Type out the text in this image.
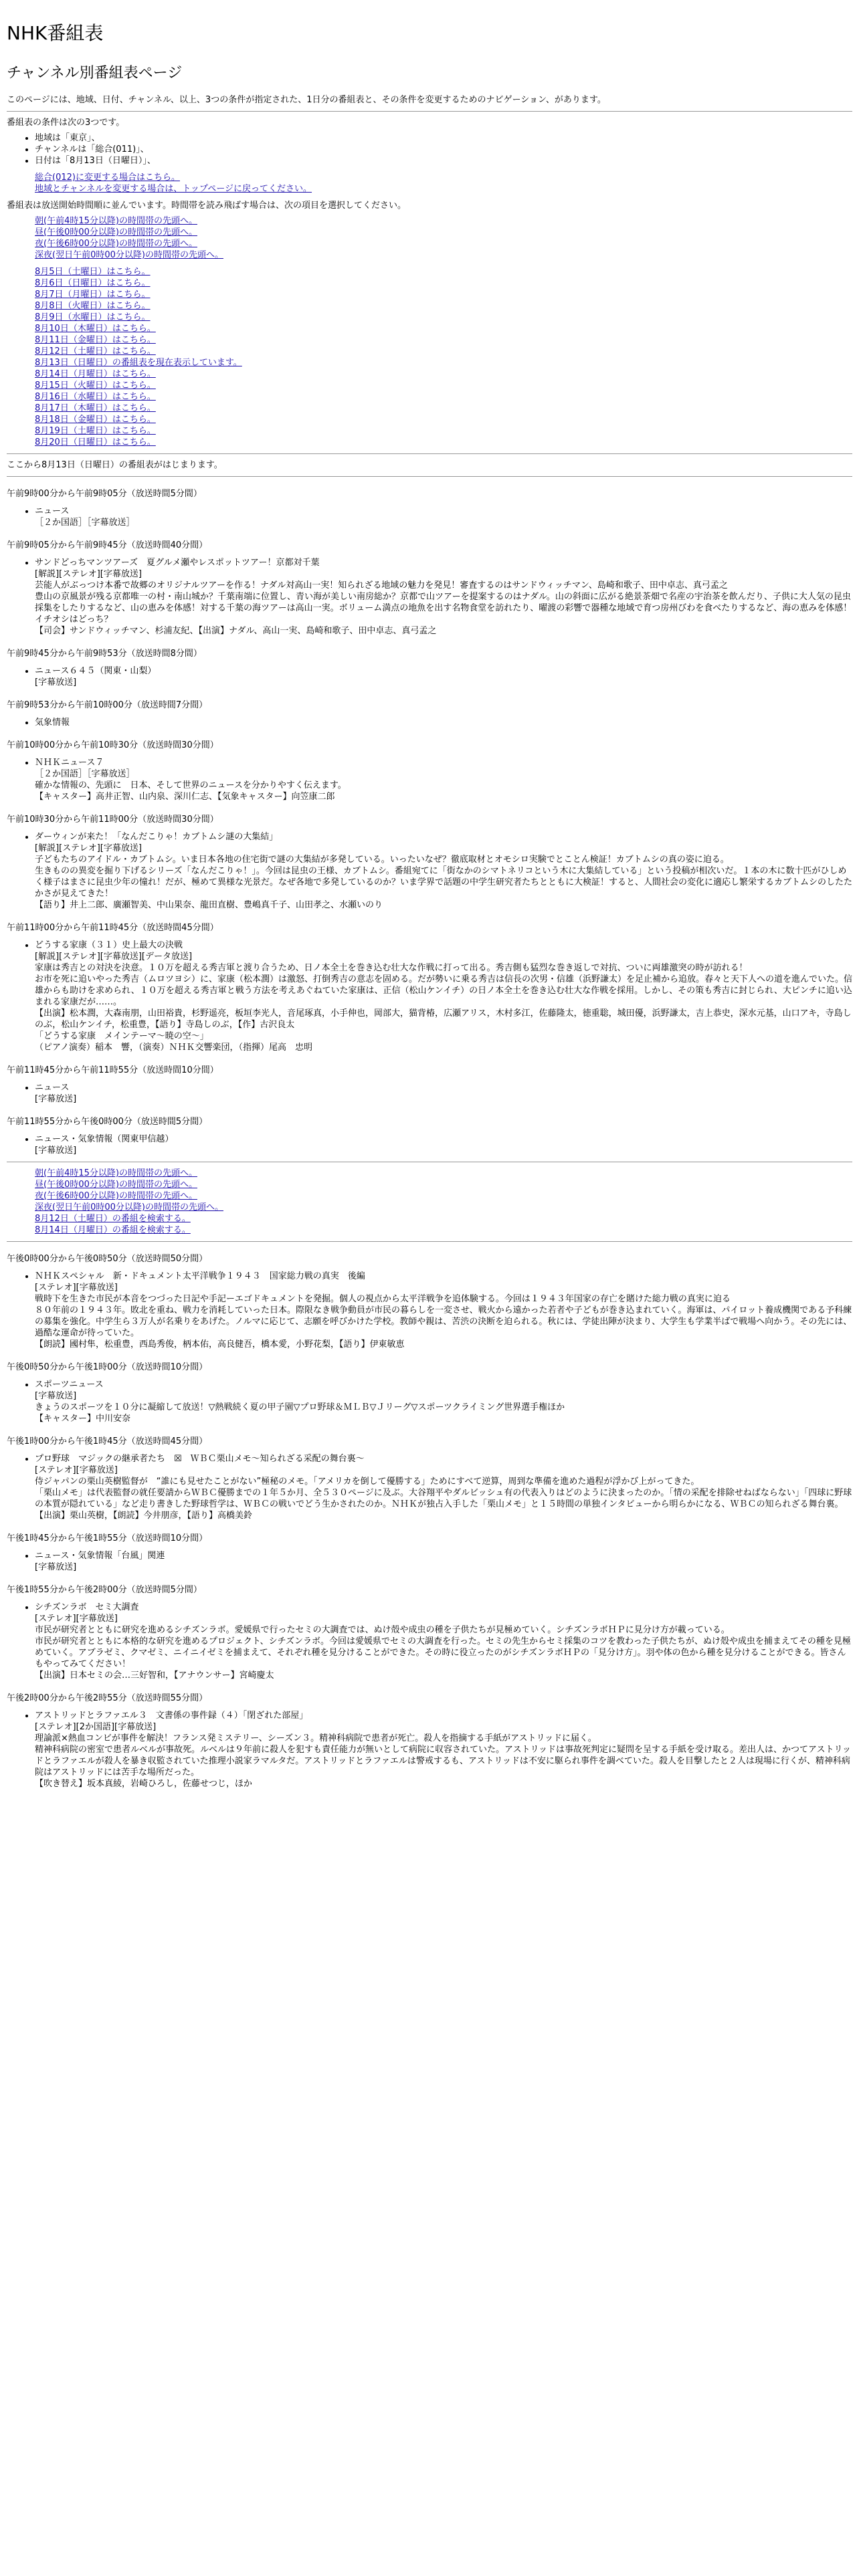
NHK番組表
チャンネル別番組表ページ

このページには、地域、日付、チャンネル、以上、3つの条件が指定された、1日分の番組表と、その条件を変更するためのナビゲーション、があります。

番組表の条件は次の3つです。

• 地域は「東京」、
• チャンネルは「総合(011)」、
• 日付は「8月13日（日曜日）」、
総合(012)に変更する場合はこちら。
地域とチャンネルを変更する場合は、トップページに戻ってください。

番組表は放送開始時間順に並んでいます。時間帯を読み飛ばす場合は、次の項目を選択してください。

朝(午前4時15分以降)の時間帯の先頭へ。
昼(午後0時00分以降)の時間帯の先頭へ。
夜(午後6時00分以降)の時間帯の先頭へ。
深夜(翌日午前0時00分以降)の時間帯の先頭へ。
8月5日（土曜日）はこちら。
8月6日（日曜日）はこちら。
8月7日（月曜日）はこちら。
8月8日（火曜日）はこちら。
8月9日（水曜日）はこちら。
8月10日（木曜日）はこちら。
8月11日（金曜日）はこちら。
8月12日（土曜日）はこちら。
8月13日（日曜日）の番組表を現在表示しています。
8月14日（月曜日）はこちら。
8月15日（火曜日）はこちら。
8月16日（水曜日）はこちら。
8月17日（木曜日）はこちら。
8月18日（金曜日）はこちら。
8月19日（土曜日）はこちら。
8月20日（日曜日）はこちら。

ここから8月13日（日曜日）の番組表がはじまります。

午前9時00分から午前9時05分（放送時間5分間）
• ニュース
［２か国語］［字幕放送］
午前9時05分から午前9時45分（放送時間40分間）
• サンドどっちマンツアーズ　夏グルメ瀬やレスポットツアー！京都対千葉
[解説][ステレオ][字幕放送]
芸能人がぶっつけ本番で故郷のオリジナルツアーを作る！ナダル対高山一実！知られざる地域の魅力を発見！審査するのはサンドウィッチマン、島崎和歌子、田中卓志、真弓孟之
豊山の京風景が残る京都唯一の村・南山城か？千葉南端に位置し、青い海が美しい南房総か？京都で山ツアーを提案するのはナダル。山の斜面に広がる絶景茶畑で名産の宇治茶を飲んだり、子供に大人気の昆虫採集をしたりするなど、山の恵みを体感！対する千葉の海ツアーは高山一実。ボリューム満点の地魚を出す名物食堂を訪れたり、曜渡の彩響で器種な地域で育つ房州びわを食べたりするなど、海の恵みを体感！イチオシはどっち？
【司会】サンドウィッチマン、杉浦友紀、【出演】ナダル、高山一実、島崎和歌子、田中卓志、真弓孟之
午前9時45分から午前9時53分（放送時間8分間）
• ニュース６４５（関東・山梨）
[字幕放送]
午前9時53分から午前10時00分（放送時間7分間）
• 気象情報
午前10時00分から午前10時30分（放送時間30分間）
• ＮＨＫニュース７
［２か国語］［字幕放送］
確かな情報の、先頭に　日本、そして世界のニュースを分かりやすく伝えます。
【キャスター】高井正智、山内泉、深川仁志、【気象キャスター】向笠康二郎
午前10時30分から午前11時00分（放送時間30分間）
• ダーウィンが来た！「なんだこりゃ！カブトムシ謎の大集結」
[解説][ステレオ][字幕放送]
子どもたちのアイドル・カブトムシ。いま日本各地の住宅街で謎の大集結が多発している。いったいなぜ？徹底取材とオモシロ実験でとことん検証！カブトムシの真の姿に迫る。
生きものの異変を掘り下げるシリーズ「なんだこりゃ！」。今回は昆虫の王様、カブトムシ。番組宛てに「街なかのシマトネリコという木に大集結している」という投稿が相次いだ。１本の木に数十匹がひしめく様子はまさに昆虫少年の憧れ！だが、極めて異様な光景だ。なぜ各地で多発しているのか？いま学界で話題の中学生研究者たちとともに大検証！すると、人間社会の変化に適応し繁栄するカブトムシのしたたかさが見えてきた！
【語り】井上二郎、廣瀬智美、中山果奈、龍田直樹、豊嶋真千子、山田孝之、水瀬いのり
午前11時00分から午前11時45分（放送時間45分間）
• どうする家康（３１）史上最大の決戦
[解説][ステレオ][字幕放送][データ放送]
家康は秀吉との対決を決意。１０万を超える秀吉軍と渡り合うため、日ノ本全土を巻き込む壮大な作戦に打って出る。秀吉側も猛烈な巻き返しで対抗、ついに両雄激突の時が訪れる！
お市を死に追いやった秀吉（ムロツヨシ）に、家康（松本潤）は激怒、打倒秀吉の意志を固める。だが勢いに乗る秀吉は信長の次男・信雄（浜野謙太）を足止補から追放。春々と天下人への道を進んでいた。信雄からも助けを求められ、１０万を超える秀吉軍と戦う方法を考えあぐねていた家康は、正信（松山ケンイチ）の日ノ本全土を巻き込む壮大な作戦を採用。しかし、その策も秀吉に封じられ、大ピンチに追い込まれる家康だが……。
【出演】松本潤，大森南朋，山田裕貴，杉野遥亮，板垣李光人，音尾琢真，小手伸也，岡部大，猫背椿，広瀬アリス，木村多江，佐藤隆太，徳重聡，城田優，浜野謙太，吉上恭史，深水元基，山口アキ，寺島しのぶ，松山ケンイチ，松重豊，【語り】寺島しのぶ，【作】古沢良太
「どうする家康　メインテーマ〜暁の空〜」
（ピアノ演奏）稲本　響，（演奏）ＮＨＫ交響楽団，（指揮）尾高　忠明
午前11時45分から午前11時55分（放送時間10分間）
• ニュース
[字幕放送]
午前11時55分から午後0時00分（放送時間5分間）
• ニュース・気象情報（関東甲信越）
[字幕放送]
朝(午前4時15分以降)の時間帯の先頭へ。
昼(午後0時00分以降)の時間帯の先頭へ。
夜(午後6時00分以降)の時間帯の先頭へ。
深夜(翌日午前0時00分以降)の時間帯の先頭へ。
8月12日（土曜日）の番組を検索する。
8月14日（月曜日）の番組を検索する。
午後0時00分から午後0時50分（放送時間50分間）
• ＮＨＫスペシャル　新・ドキュメント太平洋戦争１９４３　国家総力戦の真実　後編
[ステレオ][字幕放送]
戦時下を生きた市民が本音をつづった日記や手記ーエゴドキュメントを発掘。個人の視点から太平洋戦争を追体験する。今回は１９４３年国家の存亡を賭けた総力戦の真実に迫る
８０年前の１９４３年。敗北を重ね、戦力を消耗していった日本。際限なき戦争動員が市民の暮らしを一変させ、戦火から遠かった若者や子どもが巻き込まれていく。海軍は、パイロット養成機関である予科練の募集を強化。中学生ら３万人が名乗りをあげた。ノルマに応じて、志願を呼びかけた学校。教師や親は、苦渋の決断を迫られる。秋には、学徒出陣が決まり、大学生も学業半ばで戦場へ向かう。その先には、過酷な運命が待っていた。
【朗読】國村隼，松重豊，西島秀俊，柄本佑，高良健吾，橋本愛，小野花梨，【語り】伊東敏恵
午後0時50分から午後1時00分（放送時間10分間）
• スポーツニュース
[字幕放送]
きょうのスポーツを１０分に凝縮して放送！▽熱戦続く夏の甲子園▽プロ野球＆ＭＬＢ▽Ｊリーグ▽スポーツクライミング世界選手権ほか
【キャスター】中川安奈
午後1時00分から午後1時45分（放送時間45分間）
• プロ野球　マジックの継承者たち　☒　ＷＢＣ栗山メモ〜知られざる采配の舞台裏〜
[ステレオ][字幕放送]
侍ジャパンの栗山英樹監督が　“誰にも見せたことがない”極秘のメモ。「アメリカを倒して優勝する」ためにすべて逆算，周到な準備を進めた過程が浮かび上がってきた。
「栗山メモ」は代表監督の就任要請からＷＢＣ優勝までの１年５か月、全５３０ページに及ぶ。大谷翔平やダルビッシュ有の代表入りはどのように決まったのか。「情の采配を排除せねばならない」「四球に野球の本質が隠れている」など走り書きした野球哲学は、ＷＢＣの戦いでどう生かされたのか。ＮＨＫが独占入手した「栗山メモ」と１５時間の単独インタビューから明らかになる、ＷＢＣの知られざる舞台裏。
【出演】栗山英樹，【朗読】今井朋彦，【語り】高橋美鈴
午後1時45分から午後1時55分（放送時間10分間）
• ニュース・気象情報「台風」関連
[字幕放送]
午後1時55分から午後2時00分（放送時間5分間）
• シチズンラボ　セミ大調査
[ステレオ][字幕放送]
市民が研究者とともに研究を進めるシチズンラボ。愛媛県で行ったセミの大調査では、ぬけ殻や成虫の種を子供たちが見極めていく。シチズンラボＨＰに見分け方が載っている。
市民が研究者とともに本格的な研究を進めるプロジェクト、シチズンラボ。今回は愛媛県でセミの大調査を行った。セミの先生からセミ採集のコツを教わった子供たちが、ぬけ殻や成虫を捕まえてその種を見極めていく。アブラゼミ、クマゼミ、ニイニイゼミを捕まえて、それぞれ種を見分けることができた。その時に役立ったのがシチズンラボＨＰの「見分け方」。羽や体の色から種を見分けることができる。皆さんもやってみてください！
【出演】日本セミの会…三好智和，【アナウンサー】宮崎慶太
午後2時00分から午後2時55分（放送時間55分間）
• アストリッドとラファエル３　文書係の事件録（４）「閉ざれた部屋」
[ステレオ][2か国語][字幕放送]
理論派×熱血コンビが事件を解決！フランス発ミステリー、シーズン３。精神科病院で患者が死亡。殺人を指摘する手紙がアストリッドに届く。
精神科病院の密室で患者ルベルが事故死。ルベルは９年前に殺人を犯すも責任能力が無いとして病院に収容されていた。アストリッドは事故死判定に疑問を呈する手紙を受け取る。差出人は、かつてアストリッドとラファエルが殺人を暴き収監されていた推理小説家ラマルタだ。アストリッドとラファエルは警戒するも、アストリッドは不安に駆られ事件を調べていた。殺人を目撃したと２人は現場に行くが、精神科病院はアストリッドには苦手な場所だった。
【吹き替え】坂本真綾，岩崎ひろし，佐藤せつじ，ほか
